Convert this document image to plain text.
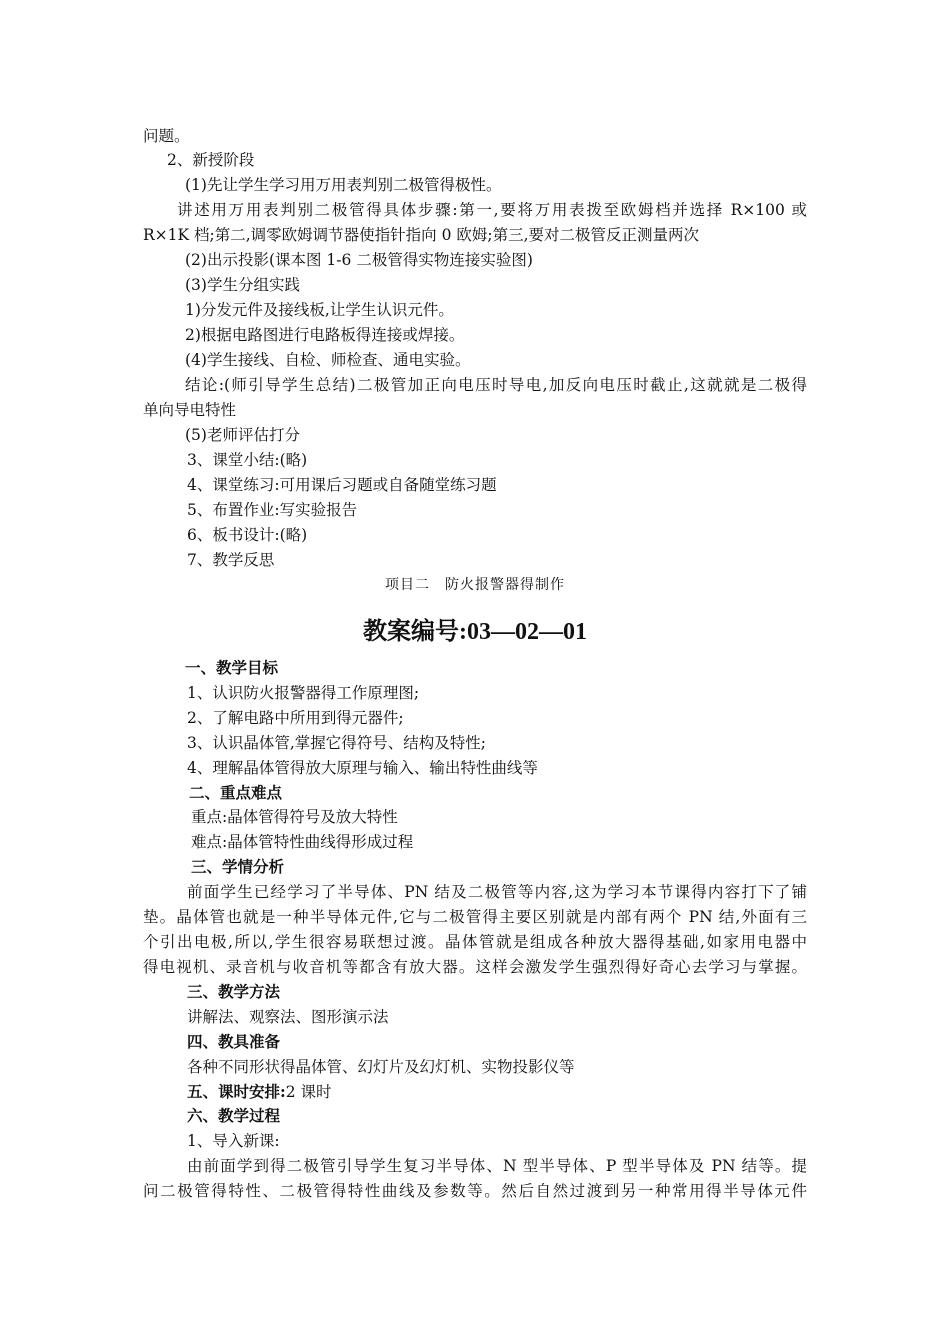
问题。
2、新授阶段
(1)先让学生学习用万用表判别二极管得极性。
讲述用万用表判别二极管得具体步骤:第一,要将万用表拨至欧姆档并选择 R×100 或
R×1K 档;第二,调零欧姆调节器使指针指向 0 欧姆;第三,要对二极管反正测量两次
(2)出示投影(课本图 1-6 二极管得实物连接实验图)
(3)学生分组实践
1)分发元件及接线板,让学生认识元件。
2)根据电路图进行电路板得连接或焊接。
(4)学生接线、自检、师检查、通电实验。
结论:(师引导学生总结)二极管加正向电压时导电,加反向电压时截止,这就就是二极得
单向导电特性
(5)老师评估打分
3、课堂小结:(略)
4、课堂练习:可用课后习题或自备随堂练习题
5、布置作业:写实验报告
6、板书设计:(略)
7、教学反思
项目二　防火报警器得制作
教案编号:03—02—01
一、教学目标
1、认识防火报警器得工作原理图;
2、了解电路中所用到得元器件;
3、认识晶体管,掌握它得符号、结构及特性;
4、理解晶体管得放大原理与输入、输出特性曲线等
二、重点难点
重点:晶体管得符号及放大特性
难点:晶体管特性曲线得形成过程
三、学情分析
前面学生已经学习了半导体、PN 结及二极管等内容,这为学习本节课得内容打下了铺
垫。晶体管也就是一种半导体元件,它与二极管得主要区别就是内部有两个 PN 结,外面有三
个引出电极,所以,学生很容易联想过渡。晶体管就是组成各种放大器得基础,如家用电器中
得电视机、录音机与收音机等都含有放大器。这样会激发学生强烈得好奇心去学习与掌握。
三、教学方法
讲解法、观察法、图形演示法
四、教具准备
各种不同形状得晶体管、幻灯片及幻灯机、实物投影仪等
五、课时安排:2 课时
六、教学过程
1、导入新课:
由前面学到得二极管引导学生复习半导体、N 型半导体、P 型半导体及 PN 结等。提
问二极管得特性、二极管得特性曲线及参数等。然后自然过渡到另一种常用得半导体元件
